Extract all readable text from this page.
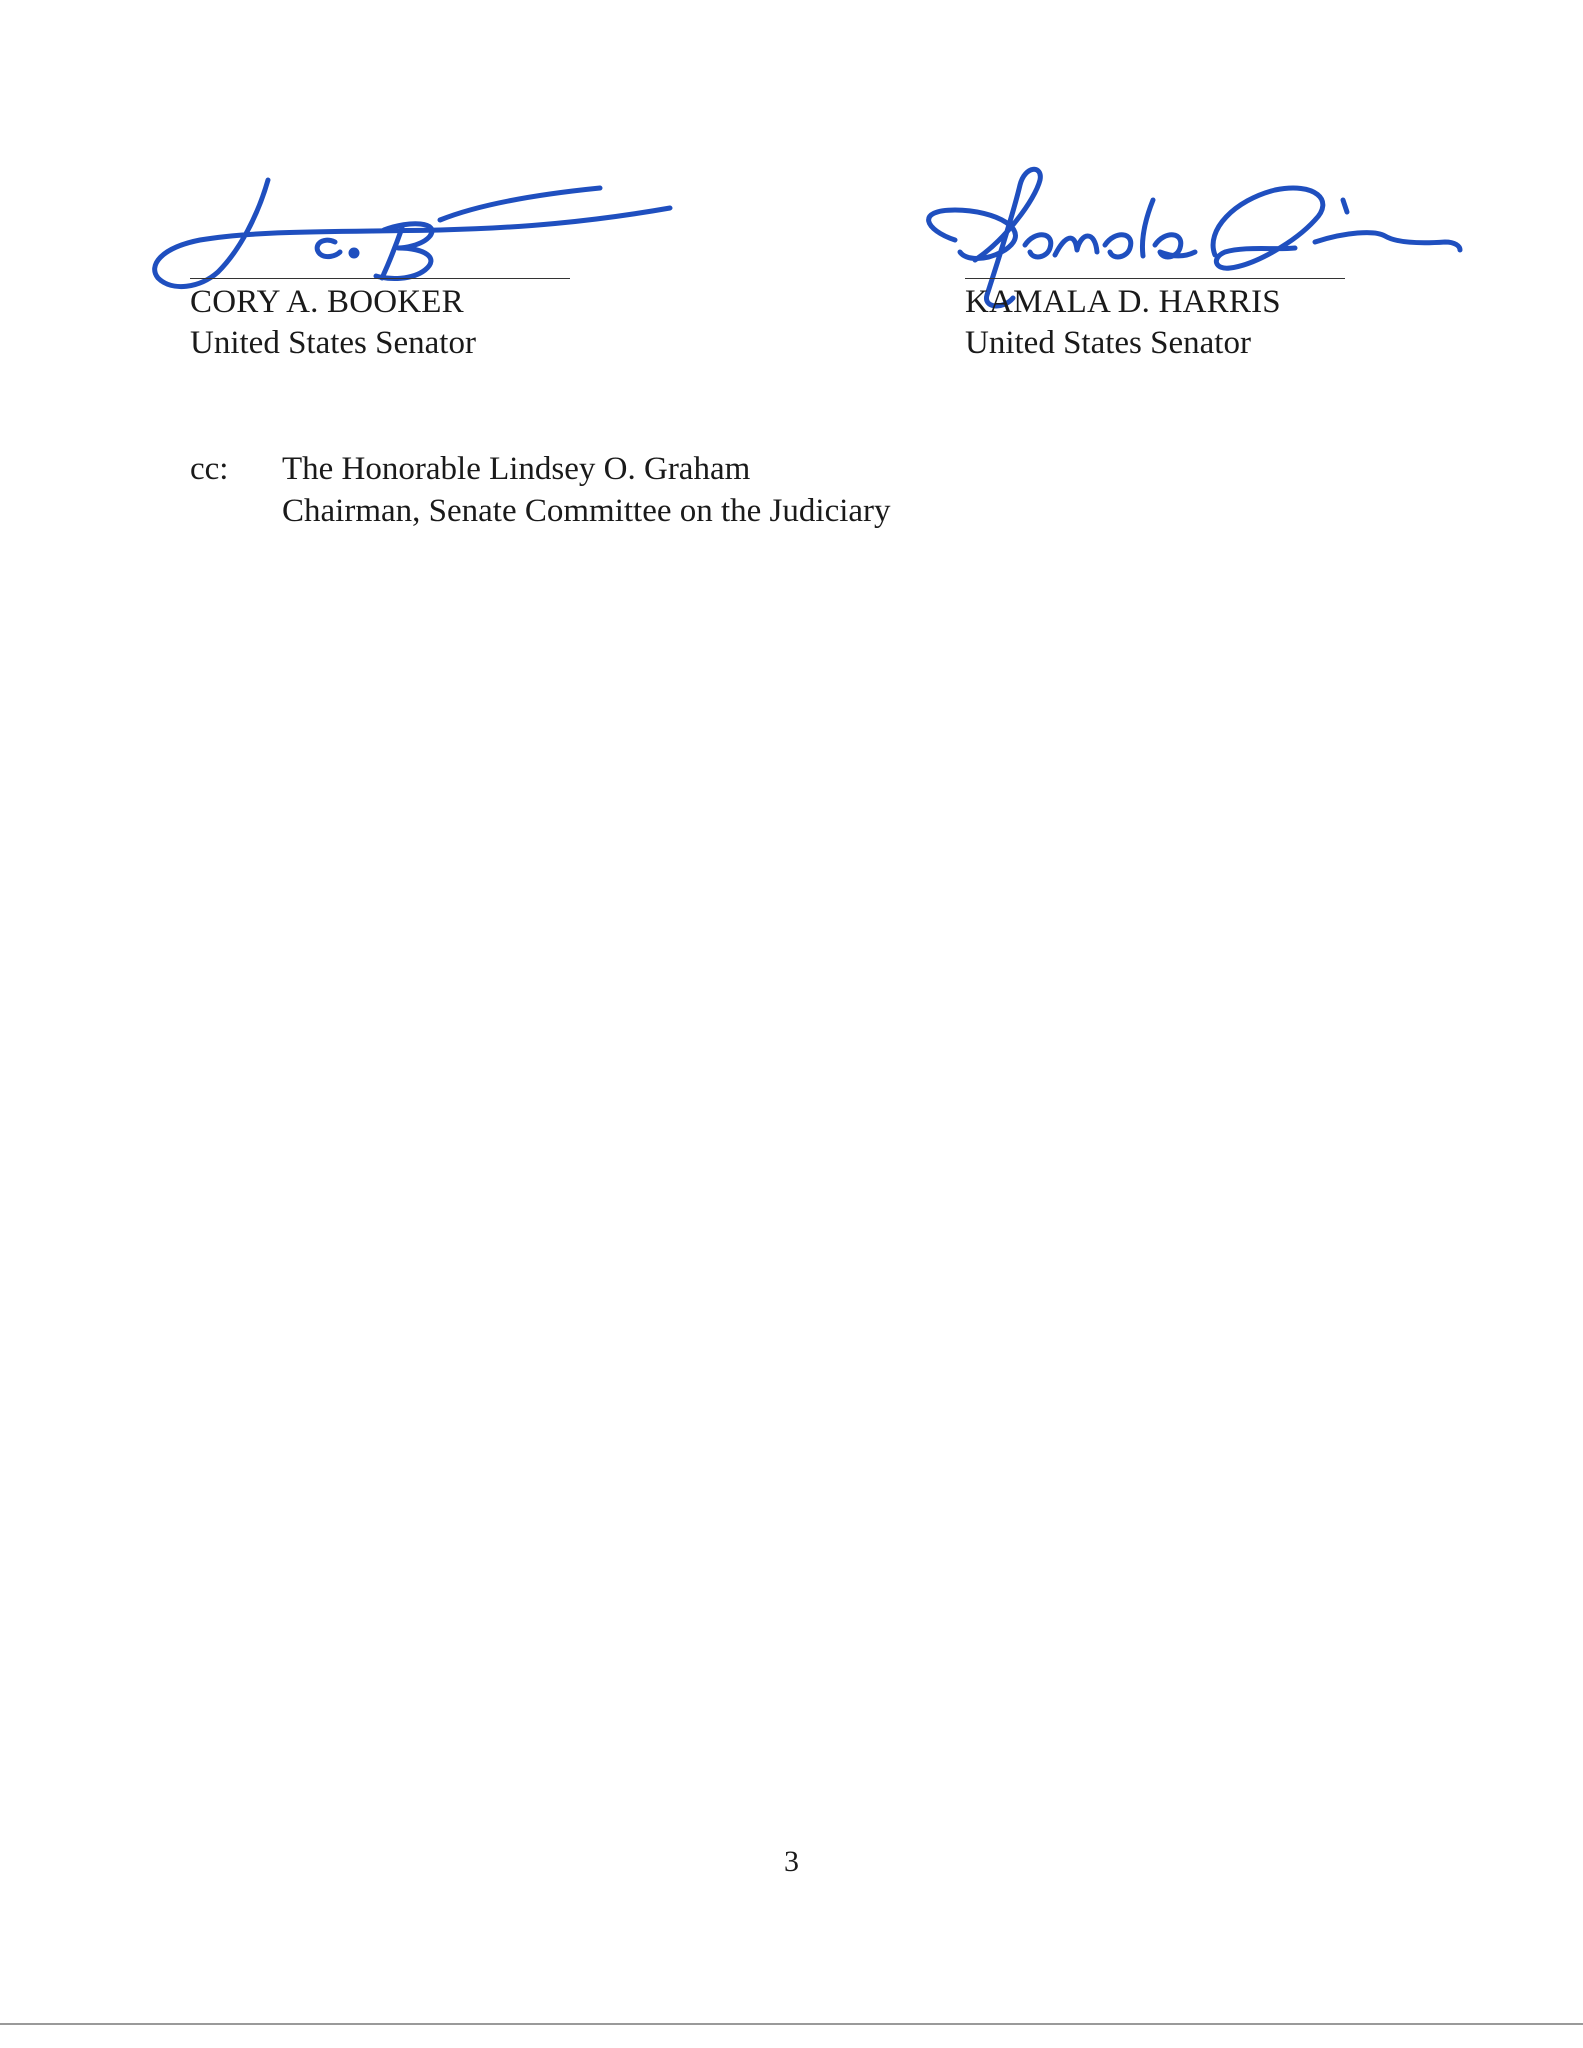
CORY A. BOOKER
United States Senator
KAMALA D. HARRIS
United States Senator
cc: The Honorable Lindsey O. Graham
Chairman, Senate Committee on the Judiciary
3
